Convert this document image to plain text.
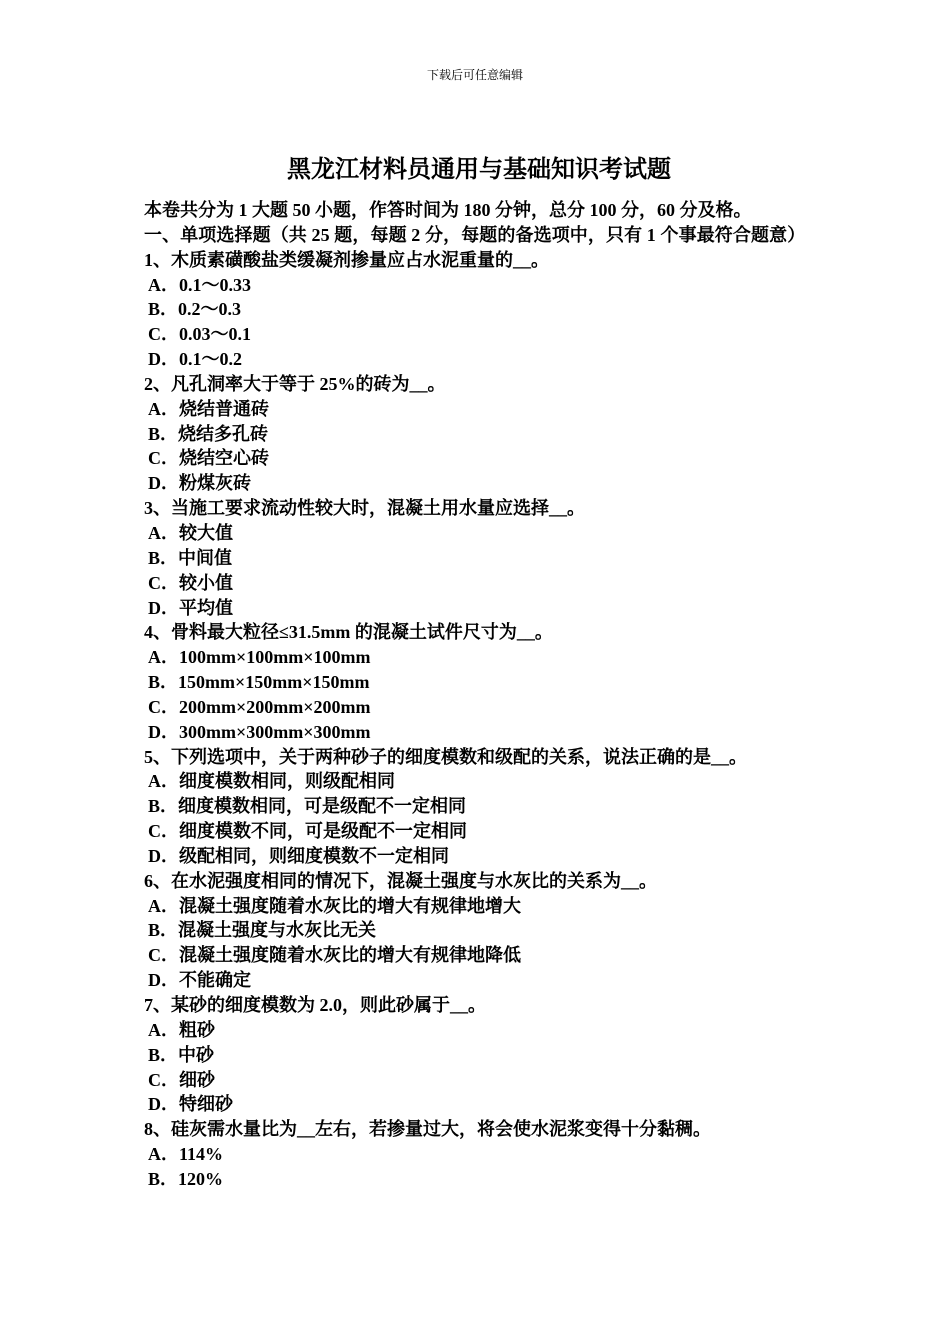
下载后可任意编辑
黑龙江材料员通用与基础知识考试题
本卷共分为 1 大题 50 小题，作答时间为 180 分钟，总分 100 分，60 分及格。
一、单项选择题（共 25 题，每题 2 分，每题的备选项中，只有 1 个事最符合题意）
1、木质素磺酸盐类缓凝剂掺量应占水泥重量的__。
A．0.1～0.33
B．0.2～0.3
C．0.03～0.1
D．0.1～0.2
2、凡孔洞率大于等于 25%的砖为__。
A．烧结普通砖
B．烧结多孔砖
C．烧结空心砖
D．粉煤灰砖
3、当施工要求流动性较大时，混凝土用水量应选择__。
A．较大值
B．中间值
C．较小值
D．平均值
4、骨料最大粒径≤31.5mm 的混凝土试件尺寸为__。
A．100mm×100mm×100mm
B．150mm×150mm×150mm
C．200mm×200mm×200mm
D．300mm×300mm×300mm
5、下列选项中，关于两种砂子的细度模数和级配的关系，说法正确的是__。
A．细度模数相同，则级配相同
B．细度模数相同，可是级配不一定相同
C．细度模数不同，可是级配不一定相同
D．级配相同，则细度模数不一定相同
6、在水泥强度相同的情况下，混凝土强度与水灰比的关系为__。
A．混凝土强度随着水灰比的增大有规律地增大
B．混凝土强度与水灰比无关
C．混凝土强度随着水灰比的增大有规律地降低
D．不能确定
7、某砂的细度模数为 2.0，则此砂属于__。
A．粗砂
B．中砂
C．细砂
D．特细砂
8、硅灰需水量比为__左右，若掺量过大，将会使水泥浆变得十分黏稠。
A．114%
B．120%
